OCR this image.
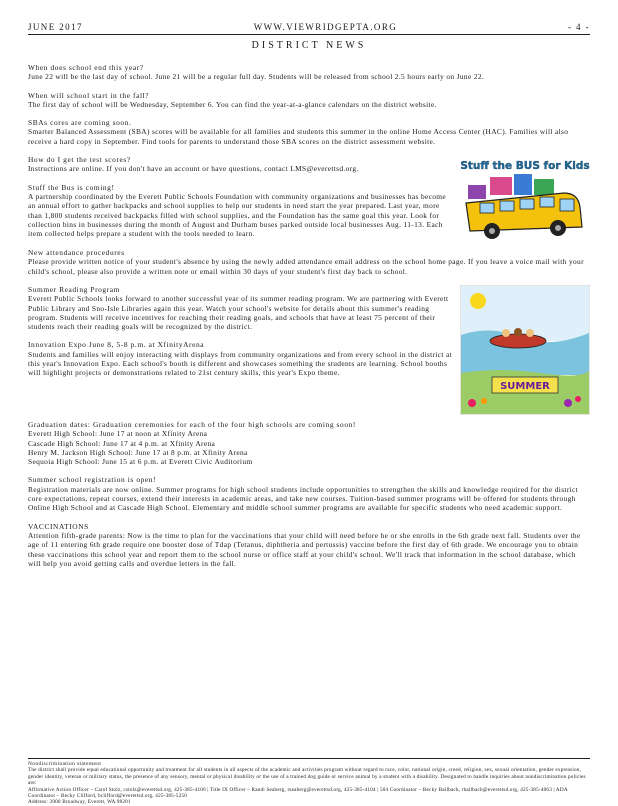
JUNE 2017	WWW.VIEWRIDGEPTA.ORG	- 4 -
DISTRICT NEWS

When does school end this year?

June 22 will be the last day of school. June 21 will be a regular full day. Students will be released from school 2.5 hours early on June 22.

When will school start in the fall?

The first day of school will be Wednesday, September 6. You can find the year-at-a-glance calendars on the district website.

SBAs cores are coming soon.

Smarter Balanced Assessment (SBA) scores will be available for all families and students this summer in the online Home Access Center (HAC). Families will also receive a hard copy in September. Find tools for parents to understand those SBA scores on the district assessment website.

How do I get the test scores?

Instructions are online. If you don't have an account or have questions, contact LMS@everettsd.org.

Stuff the Bus is coming!

A partnership coordinated by the Everett Public Schools Foundation with community organizations and businesses has become an annual effort to gather backpacks and school supplies to help our students in need start the year prepared. Last year, more than 1,800 students received backpacks filled with school supplies, and the Foundation has the same goal this year. Look for collection bins in businesses during the month of August and Durham buses parked outside local businesses Aug. 11-13. Each item collected helps prepare a student with the tools needed to learn.

Stuff the BUS for Kids

New attendance procedures

Please provide written notice of your student's absence by using the newly added attendance email address on the school home page. If you leave a voice mail with your child's school, please also provide a written note or email within 30 days of your student's first day back to school.

Summer Reading Program

Everett Public Schools looks forward to another successful year of its summer reading program. We are partnering with Everett Public Library and Sno-Isle Libraries again this year. Watch your school's website for details about this summer's reading program. Students will receive incentives for reaching their reading goals, and schools that have at least 75 percent of their students reach their reading goals will be recognized by the district.

Innovation Expo June 8, 5-8 p.m. at XfinityArena

Students and families will enjoy interacting with displays from community organizations and from every school in the district at this year's Innovation Expo. Each school's booth is different and showcases something the students are learning. School booths will highlight projects or demonstrations related to 21st century skills, this year's Expo theme.

SUMMER

Graduation dates: Graduation ceremonies for each of the four high schools are coming soon!

Everett High School: June 17 at noon at Xfinity Arena

Cascade High School: June 17 at 4 p.m. at Xfinity Arena

Henry M. Jackson High School: June 17 at 8 p.m. at Xfinity Arena

Sequoia High School: June 15 at 6 p.m. at Everett Civic Auditorium

Summer school registration is open!

Registration materials are now online. Summer programs for high school students include opportunities to strengthen the skills and knowledge required for the district core expectations, repeat courses, extend their interests in academic areas, and take new courses. Tuition-based summer programs will be offered for students through Online High School and at Cascade High School. Elementary and middle school summer programs are available for specific students who need academic support.

VACCINATIONS

Attention fifth-grade parents: Now is the time to plan for the vaccinations that your child will need before he or she enrolls in the 6th grade next fall. Students over the age of 11 entering 6th grade require one booster dose of Tdap (Tetanus, diphtheria and pertussis) vaccine before the first day of 6th grade. We encourage you to obtain these vaccinations this school year and report them to the school nurse or office staff at your child's school. We'll track that information in the school database, which will help you avoid getting calls and overdue letters in the fall.

Nondiscrimination statement

The district shall provide equal educational opportunity and treatment for all students in all aspects of the academic and activities program without regard to race, color, national origin, creed, religion, sex, sexual orientation, gender expression, gender identity, veteran or military status, the presence of any sensory, mental or physical disability or the use of a trained dog guide or service animal by a student with a disability. Designated to handle inquiries about nondiscrimination policies are:

Affirmative Action Officer – Carol Stolz, cstolz@everettsd.org, 425-385-4106 | Title IX Officer – Randi Seaberg, rseaberg@everettsd.org, 425-385-4104 | 504 Coordinator – Becky Ballbach, rballbach@everettsd.org, 425-385-4063 | ADA Coordinator – Becky Clifford, bclifford@everettsd.org, 425-385-5250

Address: 3900 Broadway, Everett, WA 98201
